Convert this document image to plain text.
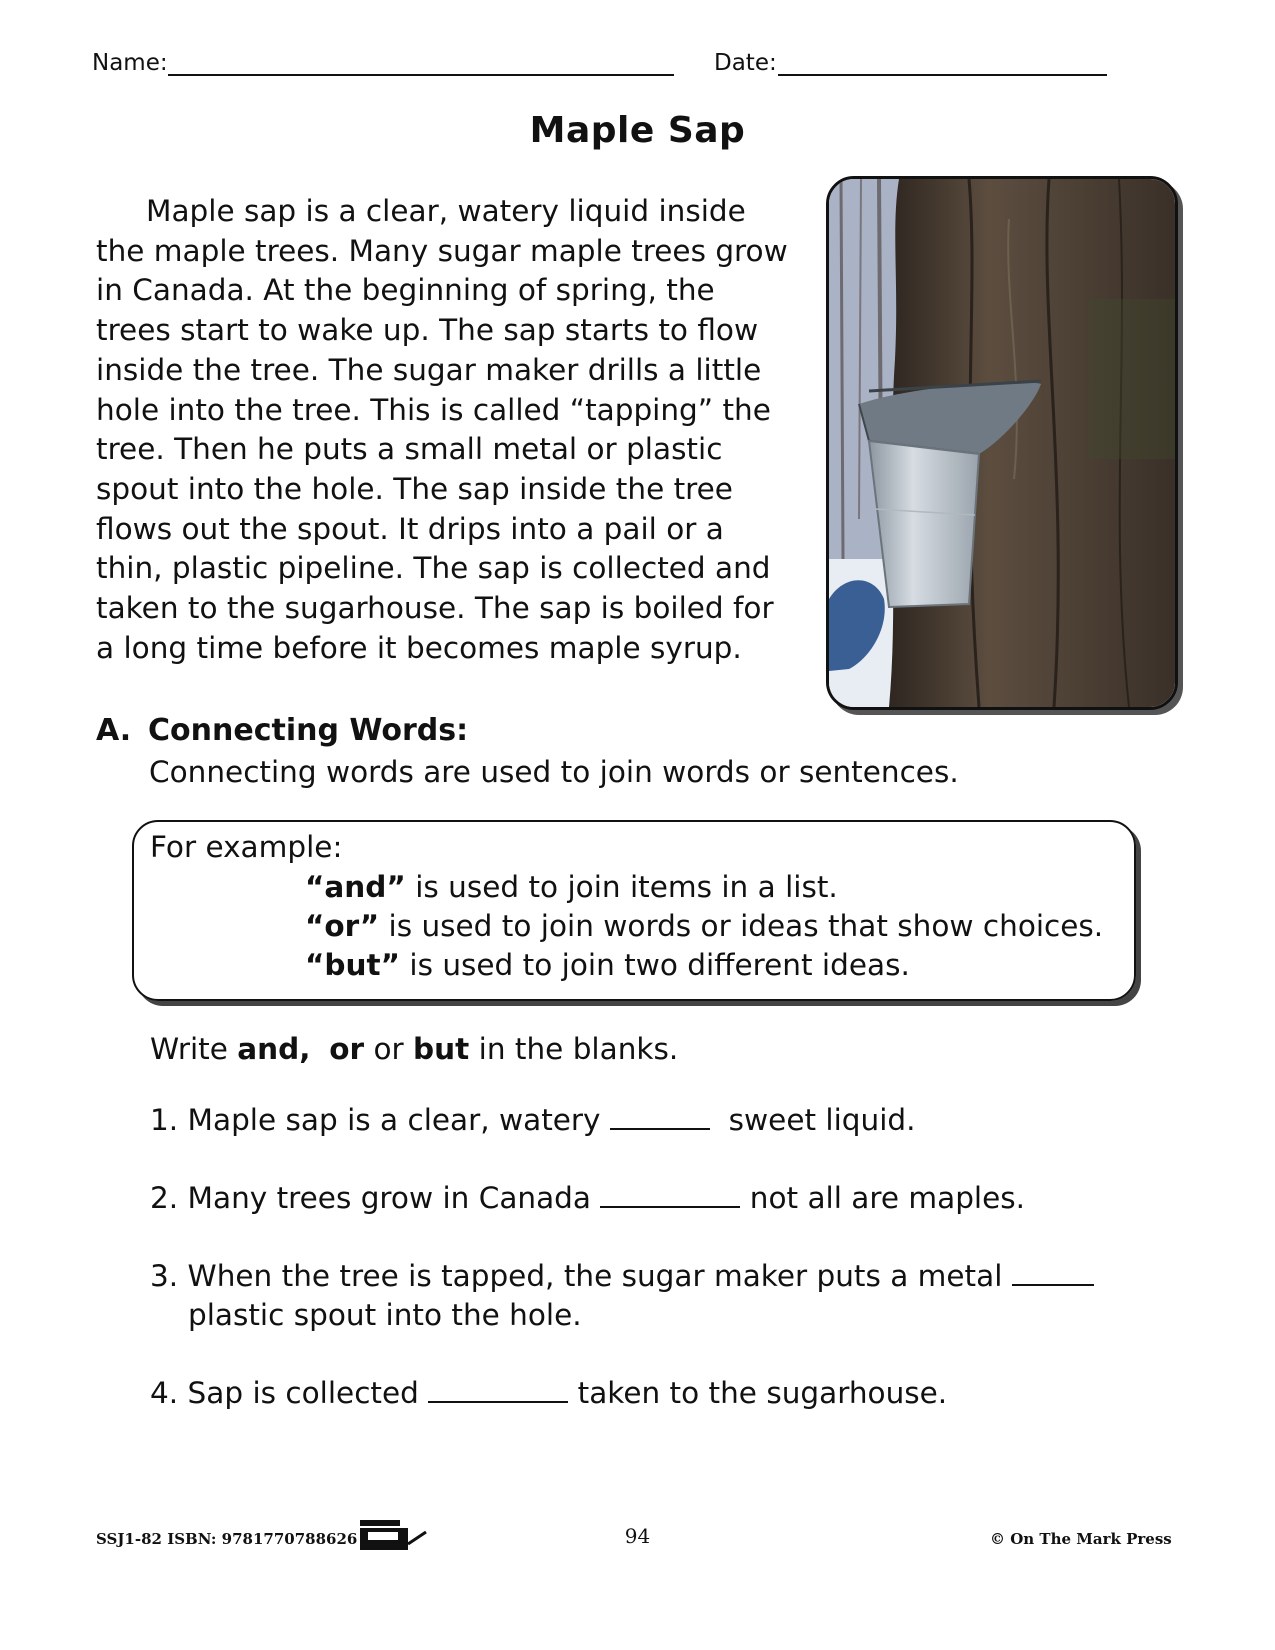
Name:	Date:
Maple Sap
Maple sap is a clear, watery liquid inside
the maple trees. Many sugar maple trees grow
in Canada. At the beginning of spring, the
trees start to wake up. The sap starts to flow
inside the tree. The sugar maker drills a little
hole into the tree. This is called “tapping” the
tree. Then he puts a small metal or plastic
spout into the hole. The sap inside the tree
flows out the spout. It drips into a pail or a
thin, plastic pipeline. The sap is collected and
taken to the sugarhouse. The sap is boiled for
a long time before it becomes maple syrup.
A. Connecting Words:
Connecting words are used to join words or sentences.
For example:
“and” is used to join items in a list.
“or” is used to join words or ideas that show choices.
“but” is used to join two different ideas.
Write and, or or but in the blanks.
1. Maple sap is a clear, watery	sweet liquid.
2. Many trees grow in Canada	not all are maples.
3. When the tree is tapped, the sugar maker puts a metal
plastic spout into the hole.
4. Sap is collected	taken to the sugarhouse.
SSJ1-82 ISBN: 9781770788626	94	© On The Mark Press
